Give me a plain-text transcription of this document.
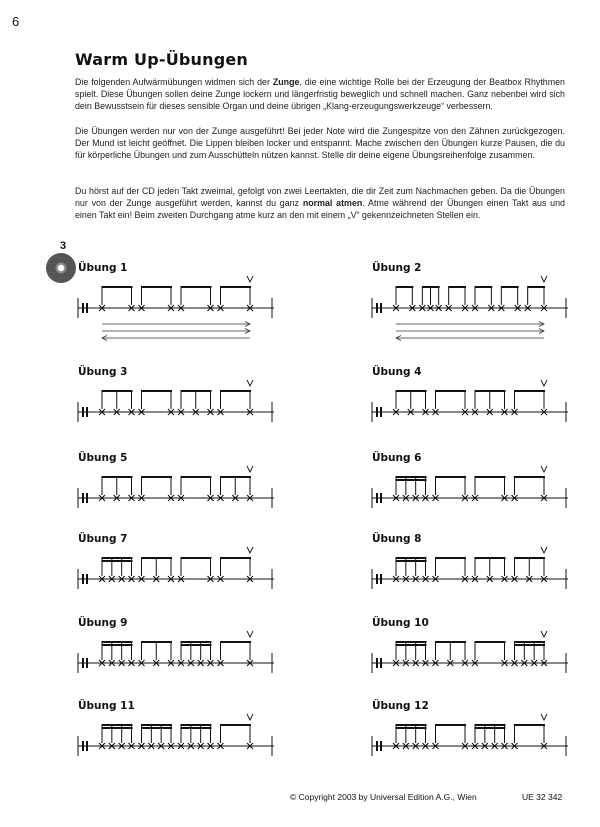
6
Warm Up-Übungen

Die folgenden Aufwärmübungen widmen sich der Zunge, die eine wichtige Rolle bei der Erzeugung der Beatbox Rhythmen spielt. Diese Übungen sollen deine Zunge lockern und längerfristig beweglich und schnell machen. Ganz nebenbei wird sich dein Bewusstsein für dieses sensible Organ und deine übrigen „Klang-erzeugungswerkzeuge“ verbessern.

Die Übungen werden nur von der Zunge ausgeführt! Bei jeder Note wird die Zungespitze von den Zähnen zurückgezogen. Der Mund ist leicht geöffnet. Die Lippen bleiben locker und entspannt. Mache zwischen den Übungen kurze Pausen, die du für körperliche Übungen und zum Ausschütteln nützen kannst. Stelle dir deine eigene Übungsreihenfolge zusammen.

Du hörst auf der CD jeden Takt zweimal, gefolgt von zwei Leertakten, die dir Zeit zum Nachmachen geben. Da die Übungen nur von der Zunge ausgeführt werden, kannst du ganz normal atmen. Atme während der Übungen einen Takt aus und einen Takt ein! Beim zweiten Durchgang atme kurz an den mit einem „V“ gekennzeichneten Stellen ein.

3
Übung 1	Übung 2
Übung 3	Übung 4
Übung 5	Übung 6
Übung 7	Übung 8
Übung 9	Übung 10
Übung 11	Übung 12
© Copyright 2003 by Universal Edition A.G., Wien	UE 32 342
